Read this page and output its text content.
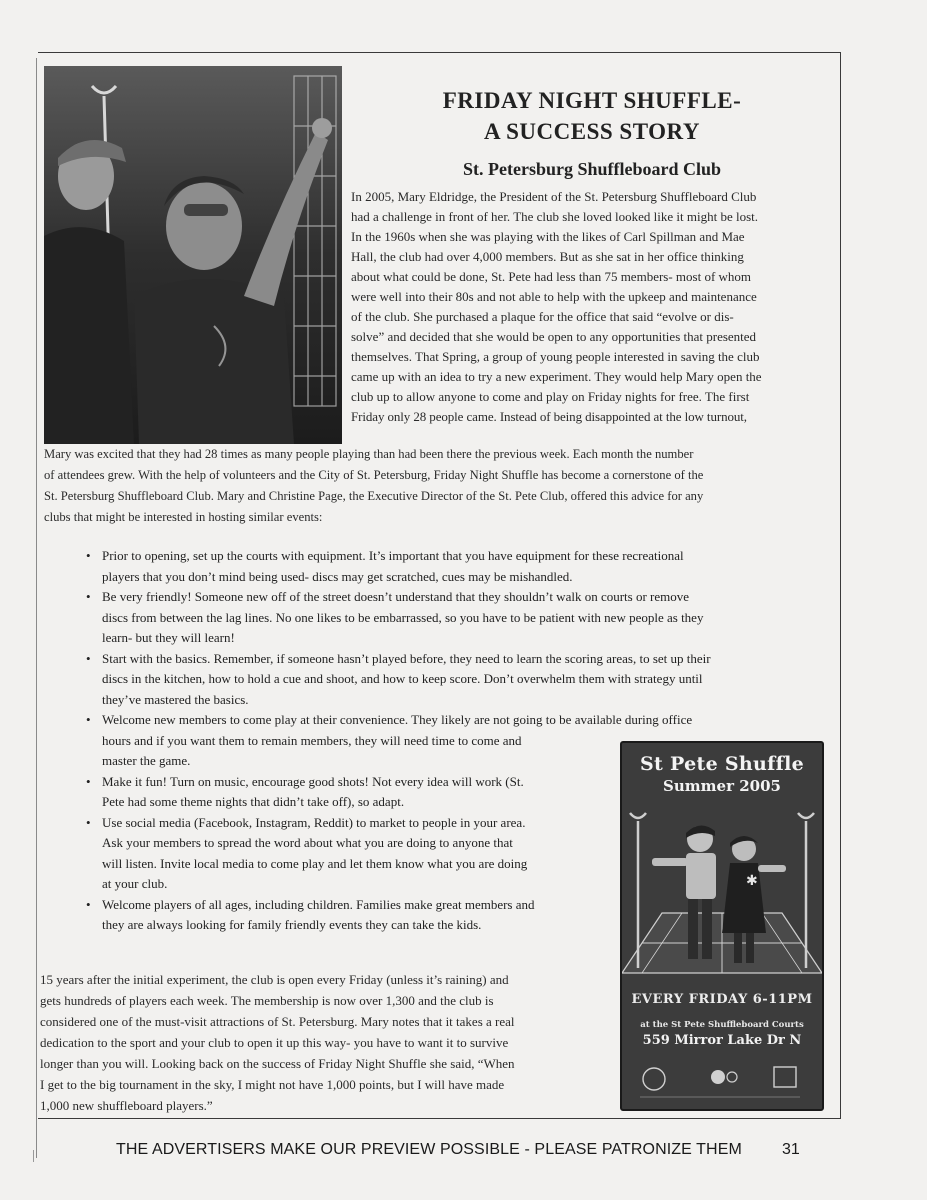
FRIDAY NIGHT SHUFFLE-
A SUCCESS STORY
St. Petersburg Shuffleboard Club
In 2005, Mary Eldridge, the President of the St. Petersburg Shuffleboard Club
had a challenge in front of her. The club she loved looked like it might be lost.
In the 1960s when she was playing with the likes of Carl Spillman and Mae
Hall, the club had over 4,000 members. But as she sat in her office thinking
about what could be done, St. Pete had less than 75 members- most of whom
were well into their 80s and not able to help with the upkeep and maintenance
of the club. She purchased a plaque for the office that said “evolve or dis-
solve” and decided that she would be open to any opportunities that presented
themselves. That Spring, a group of young people interested in saving the club
came up with an idea to try a new experiment. They would help Mary open the
club up to allow anyone to come and play on Friday nights for free. The first
Friday only 28 people came. Instead of being disappointed at the low turnout,
Mary was excited that they had 28 times as many people playing than had been there the previous week. Each month the number
of attendees grew. With the help of volunteers and the City of St. Petersburg, Friday Night Shuffle has become a cornerstone of the
St. Petersburg Shuffleboard Club. Mary and Christine Page, the Executive Director of the St. Pete Club, offered this advice for any
clubs that might be interested in hosting similar events:
• Prior to opening, set up the courts with equipment. It’s important that you have equipment for these recreational
players that you don’t mind being used- discs may get scratched, cues may be mishandled.
• Be very friendly! Someone new off of the street doesn’t understand that they shouldn’t walk on courts or remove
discs from between the lag lines. No one likes to be embarrassed, so you have to be patient with new people as they
learn- but they will learn!
• Start with the basics. Remember, if someone hasn’t played before, they need to learn the scoring areas, to set up their
discs in the kitchen, how to hold a cue and shoot, and how to keep score. Don’t overwhelm them with strategy until
they’ve mastered the basics.
• Welcome new members to come play at their convenience. They likely are not going to be available during office
hours and if you want them to remain members, they will need time to come and
master the game.
• Make it fun! Turn on music, encourage good shots! Not every idea will work (St.
Pete had some theme nights that didn’t take off), so adapt.
• Use social media (Facebook, Instagram, Reddit) to market to people in your area.
Ask your members to spread the word about what you are doing to anyone that
will listen. Invite local media to come play and let them know what you are doing
at your club.
• Welcome players of all ages, including children. Families make great members and
they are always looking for family friendly events they can take the kids.
15 years after the initial experiment, the club is open every Friday (unless it’s raining) and
gets hundreds of players each week. The membership is now over 1,300 and the club is
considered one of the must-visit attractions of St. Petersburg. Mary notes that it takes a real
dedication to the sport and your club to open it up this way- you have to want it to survive
longer than you will. Looking back on the success of Friday Night Shuffle she said, “When
I get to the big tournament in the sky, I might not have 1,000 points, but I will have made
1,000 new shuffleboard players.”
St Pete Shuffle
Summer 2005
✱
EVERY FRIDAY 6-11PM
at the St Pete Shuffleboard Courts
559 Mirror Lake Dr N
THE ADVERTISERS MAKE OUR PREVIEW POSSIBLE - PLEASE PATRONIZE THEM	31
